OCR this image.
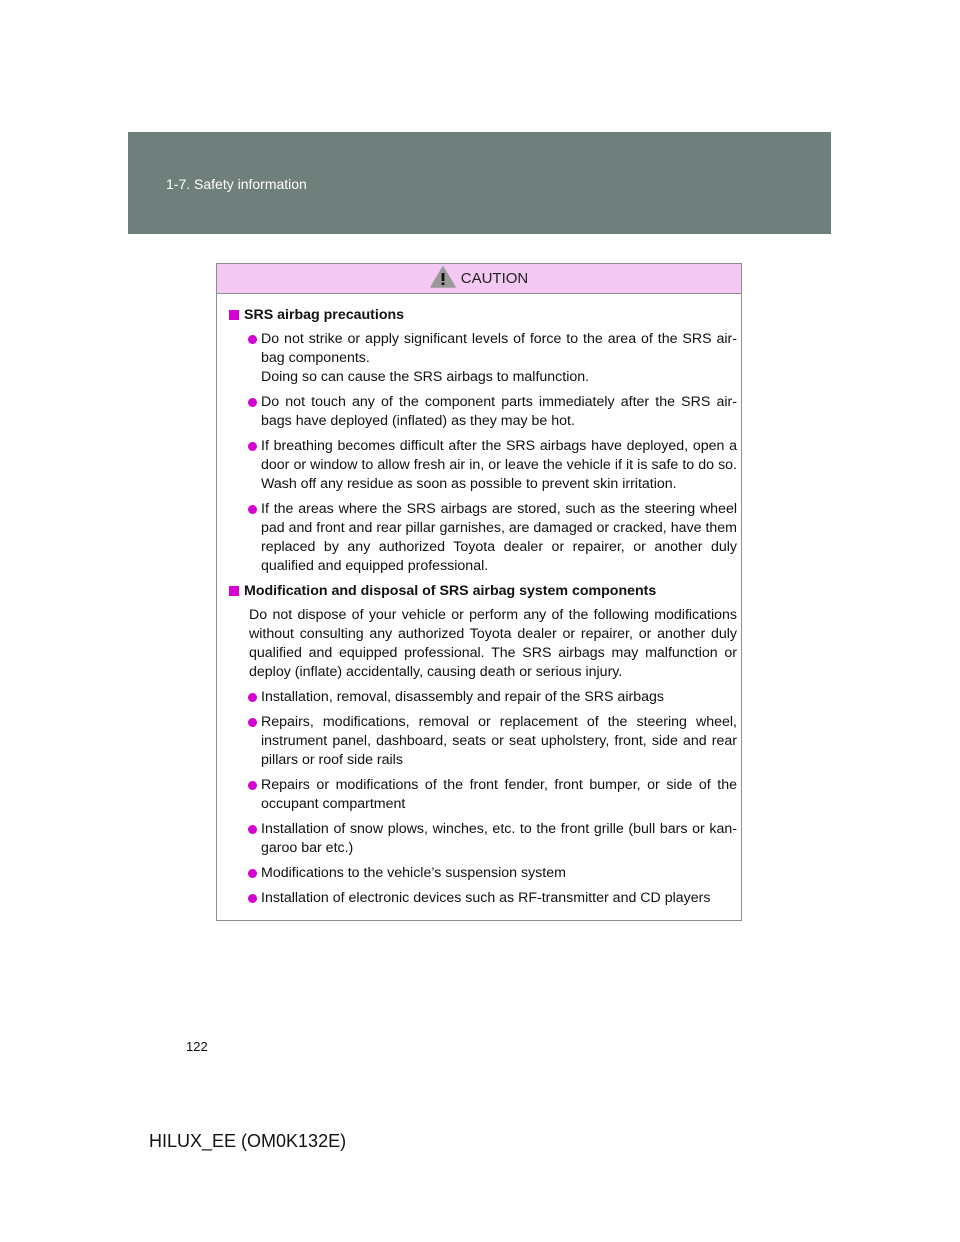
1-7. Safety information
CAUTION
SRS airbag precautions
Do not strike or apply significant levels of force to the area of the SRS air-bag components.
Doing so can cause the SRS airbags to malfunction.
Do not touch any of the component parts immediately after the SRS air-bags have deployed (inflated) as they may be hot.
If breathing becomes difficult after the SRS airbags have deployed, open a door or window to allow fresh air in, or leave the vehicle if it is safe to do so. Wash off any residue as soon as possible to prevent skin irritation.
If the areas where the SRS airbags are stored, such as the steering wheel pad and front and rear pillar garnishes, are damaged or cracked, have them replaced by any authorized Toyota dealer or repairer, or another duly qualified and equipped professional.
Modification and disposal of SRS airbag system components
Do not dispose of your vehicle or perform any of the following modifications without consulting any authorized Toyota dealer or repairer, or another duly qualified and equipped professional. The SRS airbags may malfunction or deploy (inflate) accidentally, causing death or serious injury.
Installation, removal, disassembly and repair of the SRS airbags
Repairs, modifications, removal or replacement of the steering wheel, instrument panel, dashboard, seats or seat upholstery, front, side and rear pillars or roof side rails
Repairs or modifications of the front fender, front bumper, or side of the occupant compartment
Installation of snow plows, winches, etc. to the front grille (bull bars or kan-garoo bar etc.)
Modifications to the vehicle’s suspension system
Installation of electronic devices such as RF-transmitter and CD players
122
HILUX_EE (OM0K132E)
